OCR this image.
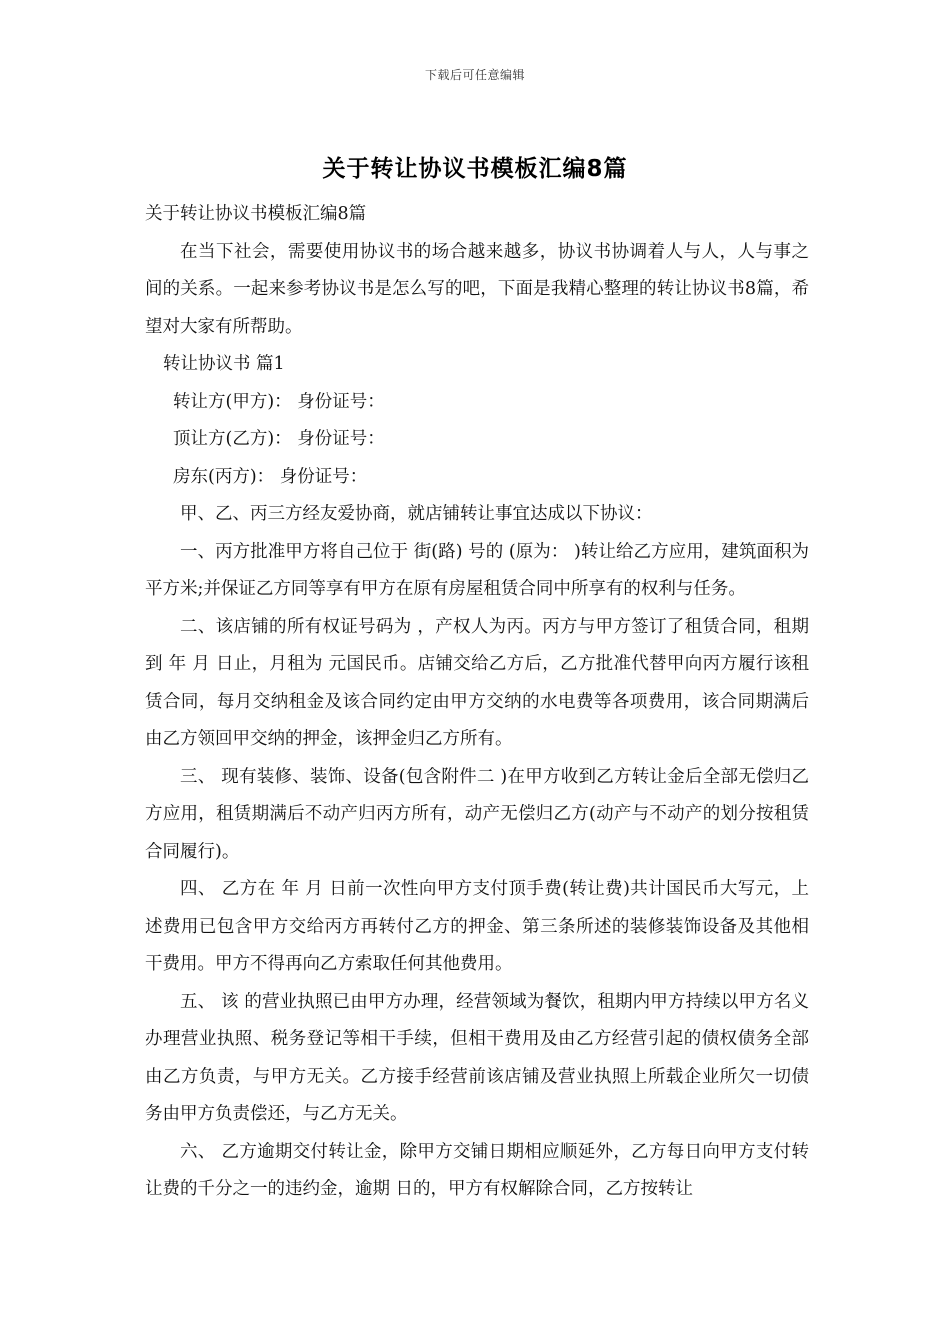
下载后可任意编辑
关于转让协议书模板汇编8篇

关于转让协议书模板汇编8篇

在当下社会，需要使用协议书的场合越来越多，协议书协调着人与人，人与事之间的关系。一起来参考协议书是怎么写的吧，下面是我精心整理的转让协议书8篇，希望对大家有所帮助。

转让协议书 篇1

转让方(甲方)： 身份证号：

顶让方(乙方)： 身份证号：

房东(丙方)： 身份证号：

甲、乙、丙三方经友爱协商，就店铺转让事宜达成以下协议：

一、丙方批准甲方将自己位于 街(路) 号的 (原为： )转让给乙方应用，建筑面积为 平方米;并保证乙方同等享有甲方在原有房屋租赁合同中所享有的权利与任务。

二、该店铺的所有权证号码为 ，产权人为丙。丙方与甲方签订了租赁合同，租期到 年 月 日止，月租为 元国民币。店铺交给乙方后，乙方批准代替甲向丙方履行该租赁合同，每月交纳租金及该合同约定由甲方交纳的水电费等各项费用，该合同期满后由乙方领回甲交纳的押金，该押金归乙方所有。

三、 现有装修、装饰、设备(包含附件二 )在甲方收到乙方转让金后全部无偿归乙方应用，租赁期满后不动产归丙方所有，动产无偿归乙方(动产与不动产的划分按租赁合同履行)。

四、 乙方在 年 月 日前一次性向甲方支付顶手费(转让费)共计国民币大写元，上述费用已包含甲方交给丙方再转付乙方的押金、第三条所述的装修装饰设备及其他相干费用。甲方不得再向乙方索取任何其他费用。

五、 该 的营业执照已由甲方办理，经营领域为餐饮，租期内甲方持续以甲方名义办理营业执照、税务登记等相干手续，但相干费用及由乙方经营引起的债权债务全部由乙方负责，与甲方无关。乙方接手经营前该店铺及营业执照上所载企业所欠一切债务由甲方负责偿还，与乙方无关。

六、 乙方逾期交付转让金，除甲方交铺日期相应顺延外，乙方每日向甲方支付转让费的千分之一的违约金，逾期 日的，甲方有权解除合同，乙方按转让
